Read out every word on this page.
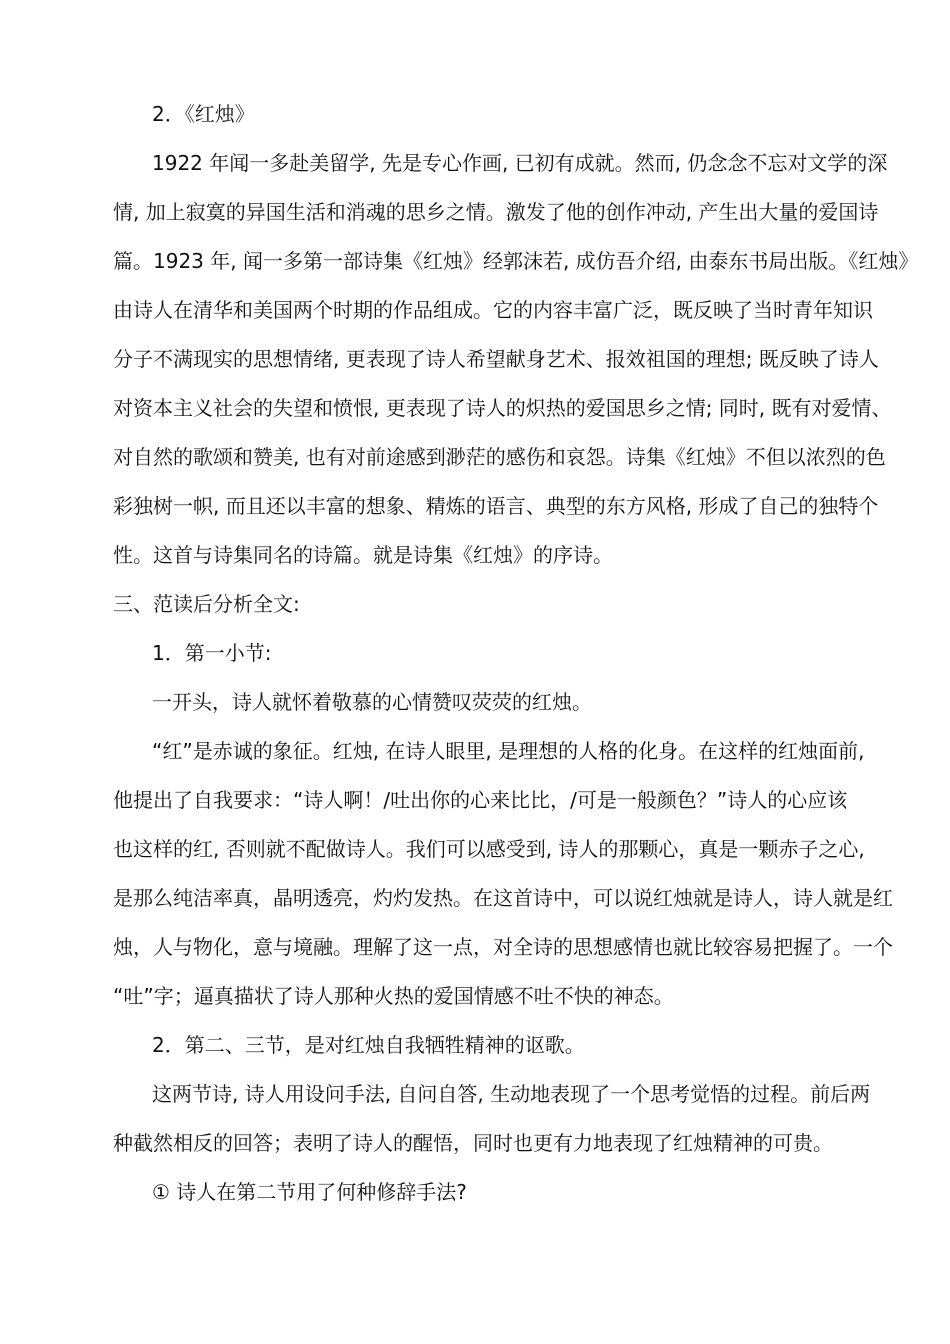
2．《红烛》
1922 年闻一多赴美留学, 先是专心作画, 已初有成就。然而, 仍念念不忘对文学的深
情, 加上寂寞的异国生活和消魂的思乡之情。激发了他的创作冲动, 产生出大量的爱国诗
篇。1923 年, 闻一多第一部诗集《红烛》经郭沫若, 成仿吾介绍, 由泰东书局出版。《红烛》
由诗人在清华和美国两个时期的作品组成。它的内容丰富广泛，既反映了当时青年知识
分子不满现实的思想情绪, 更表现了诗人希望献身艺术、报效祖国的理想; 既反映了诗人
对资本主义社会的失望和愤恨, 更表现了诗人的炽热的爱国思乡之情; 同时, 既有对爱情、
对自然的歌颂和赞美, 也有对前途感到渺茫的感伤和哀怨。诗集《红烛》不但以浓烈的色
彩独树一帜, 而且还以丰富的想象、精炼的语言、典型的东方风格, 形成了自己的独特个
性。这首与诗集同名的诗篇。就是诗集《红烛》的序诗。
三、范读后分析全文:
1．第一小节:
一开头，诗人就怀着敬慕的心情赞叹荧荧的红烛。
“红”是赤诚的象征。红烛, 在诗人眼里, 是理想的人格的化身。在这样的红烛面前,
他提出了自我要求：“诗人啊！/吐出你的心来比比，/可是一般颜色？”诗人的心应该
也这样的红, 否则就不配做诗人。我们可以感受到, 诗人的那颗心，真是一颗赤子之心,
是那么纯洁率真，晶明透亮，灼灼发热。在这首诗中，可以说红烛就是诗人，诗人就是红
烛，人与物化，意与境融。理解了这一点，对全诗的思想感情也就比较容易把握了。一个
“吐”字；逼真描状了诗人那种火热的爱国情感不吐不快的神态。
2．第二、三节，是对红烛自我牺牲精神的讴歌。
这两节诗, 诗人用设问手法, 自问自答, 生动地表现了一个思考觉悟的过程。前后两
种截然相反的回答；表明了诗人的醒悟，同时也更有力地表现了红烛精神的可贵。
① 诗人在第二节用了何种修辞手法?
